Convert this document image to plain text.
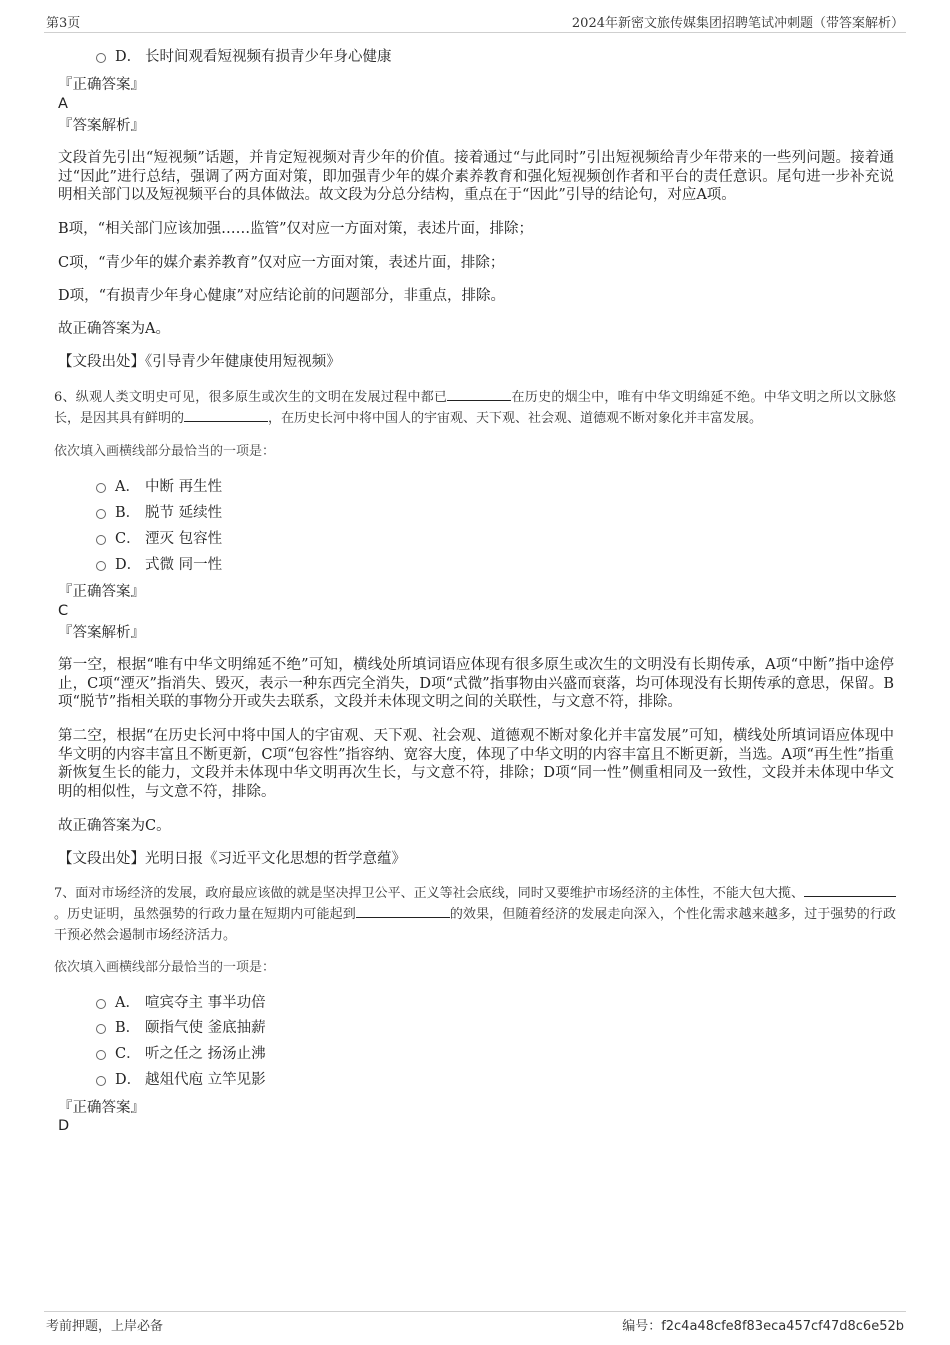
第3页	2024年新密文旅传媒集团招聘笔试冲刺题（带答案解析）
D． 长时间观看短视频有损青少年身心健康
『正确答案』
A
『答案解析』
文段首先引出“短视频”话题，并肯定短视频对青少年的价值。接着通过“与此同时”引出短视频给青少年带来的一些列问题。接着通过“因此”进行总结，强调了两方面对策，即加强青少年的媒介素养教育和强化短视频创作者和平台的责任意识。尾句进一步补充说明相关部门以及短视频平台的具体做法。故文段为分总分结构，重点在于“因此”引导的结论句，对应A项。
B项，“相关部门应该加强……监管”仅对应一方面对策，表述片面，排除；
C项，“青少年的媒介素养教育”仅对应一方面对策，表述片面，排除；
D项，“有损青少年身心健康”对应结论前的问题部分，非重点，排除。
故正确答案为A。
【文段出处】《引导青少年健康使用短视频》
6、纵观人类文明史可见，很多原生或次生的文明在发展过程中都已	在历史的烟尘中，唯有中华文明绵延不绝。中华文明之所以文脉悠长，是因其具有鲜明的	，在历史长河中将中国人的宇宙观、天下观、社会观、道德观不断对象化并丰富发展。
依次填入画横线部分最恰当的一项是：
A． 中断 再生性
B． 脱节 延续性
C． 湮灭 包容性
D． 式微 同一性
『正确答案』
C
『答案解析』
第一空，根据“唯有中华文明绵延不绝”可知，横线处所填词语应体现有很多原生或次生的文明没有长期传承，A项“中断”指中途停止，C项“湮灭”指消失、毁灭，表示一种东西完全消失，D项“式微”指事物由兴盛而衰落，均可体现没有长期传承的意思，保留。B项“脱节”指相关联的事物分开或失去联系，文段并未体现文明之间的关联性，与文意不符，排除。
第二空，根据“在历史长河中将中国人的宇宙观、天下观、社会观、道德观不断对象化并丰富发展”可知，横线处所填词语应体现中华文明的内容丰富且不断更新，C项“包容性”指容纳、宽容大度，体现了中华文明的内容丰富且不断更新，当选。A项“再生性”指重新恢复生长的能力，文段并未体现中华文明再次生长，与文意不符，排除；D项“同一性”侧重相同及一致性，文段并未体现中华文明的相似性，与文意不符，排除。
故正确答案为C。
【文段出处】光明日报《习近平文化思想的哲学意蕴》
7、面对市场经济的发展，政府最应该做的就是坚决捍卫公平、正义等社会底线，同时又要维护市场经济的主体性，不能大包大揽、。历史证明，虽然强势的行政力量在短期内可能起到	的效果，但随着经济的发展走向深入，个性化需求越来越多，过于强势的行政干预必然会遏制市场经济活力。
依次填入画横线部分最恰当的一项是：
A． 喧宾夺主 事半功倍
B． 颐指气使 釜底抽薪
C． 听之任之 扬汤止沸
D． 越俎代庖 立竿见影
『正确答案』
D
考前押题，上岸必备	编号：f2c4a48cfe8f83eca457cf47d8c6e52b
